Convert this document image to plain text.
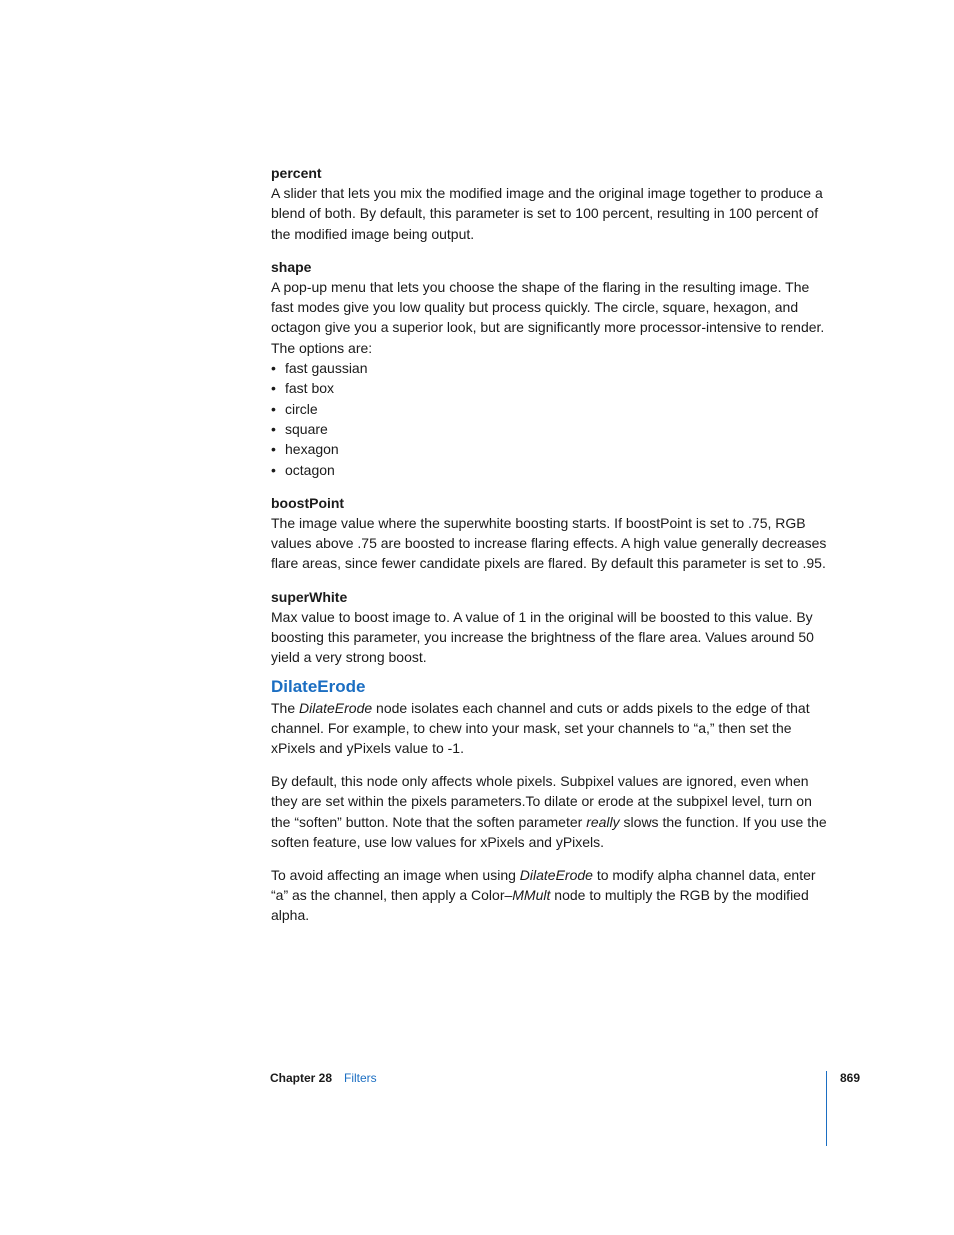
percent

A slider that lets you mix the modified image and the original image together to produce a blend of both. By default, this parameter is set to 100 percent, resulting in 100 percent of the modified image being output.

shape

A pop-up menu that lets you choose the shape of the flaring in the resulting image. The fast modes give you low quality but process quickly. The circle, square, hexagon, and octagon give you a superior look, but are significantly more processor-intensive to render. The options are:

• fast gaussian
• fast box
• circle
• square
• hexagon
• octagon

boostPoint

The image value where the superwhite boosting starts. If boostPoint is set to .75, RGB values above .75 are boosted to increase flaring effects. A high value generally decreases flare areas, since fewer candidate pixels are flared. By default this parameter is set to .95.

superWhite

Max value to boost image to. A value of 1 in the original will be boosted to this value. By boosting this parameter, you increase the brightness of the flare area. Values around 50 yield a very strong boost.

DilateErode

The DilateErode node isolates each channel and cuts or adds pixels to the edge of that channel. For example, to chew into your mask, set your channels to “a,” then set the xPixels and yPixels value to -1.

By default, this node only affects whole pixels. Subpixel values are ignored, even when they are set within the pixels parameters.To dilate or erode at the subpixel level, turn on the “soften” button. Note that the soften parameter really slows the function. If you use the soften feature, use low values for xPixels and yPixels.

To avoid affecting an image when using DilateErode to modify alpha channel data, enter “a” as the channel, then apply a Color–MMult node to multiply the RGB by the modified alpha.

Chapter 28 Filters	869
